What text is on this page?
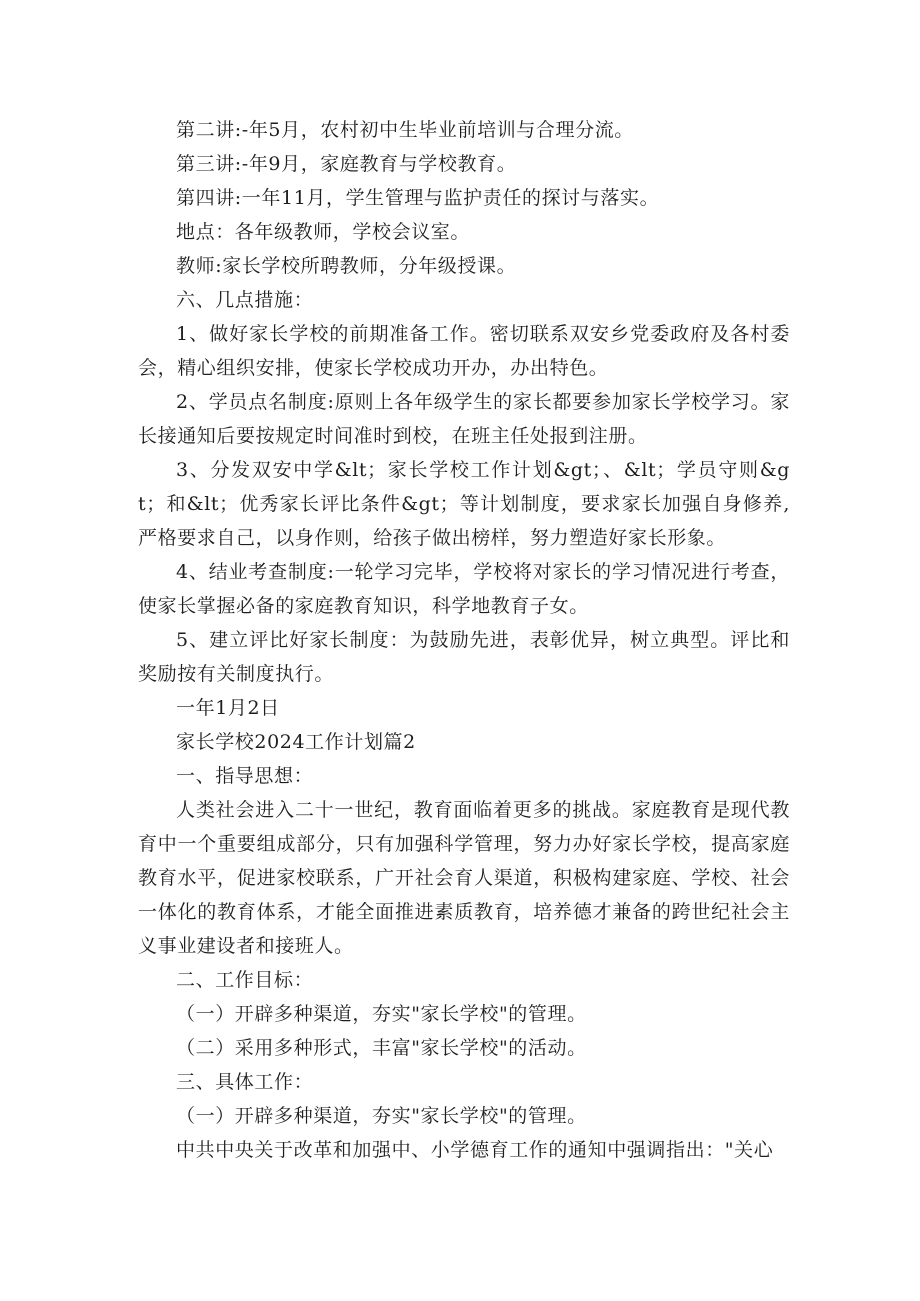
第二讲:-年5月，农村初中生毕业前培训与合理分流。

第三讲:-年9月，家庭教育与学校教育。

第四讲:一年11月，学生管理与监护责任的探讨与落实。

地点：各年级教师，学校会议室。

教师:家长学校所聘教师，分年级授课。

六、几点措施：

1、做好家长学校的前期准备工作。密切联系双安乡党委政府及各村委会，精心组织安排，使家长学校成功开办，办出特色。

2、学员点名制度:原则上各年级学生的家长都要参加家长学校学习。家长接通知后要按规定时间准时到校，在班主任处报到注册。

3、分发双安中学&lt；家长学校工作计划&gt；、&lt；学员守则&gt；和&lt；优秀家长评比条件&gt；等计划制度，要求家长加强自身修养,严格要求自己，以身作则，给孩子做出榜样，努力塑造好家长形象。

4、结业考查制度:一轮学习完毕，学校将对家长的学习情况进行考查，使家长掌握必备的家庭教育知识，科学地教育子女。

5、建立评比好家长制度：为鼓励先进，表彰优异，树立典型。评比和奖励按有关制度执行。

一年1月2日

家长学校2024工作计划篇2

一、指导思想：

人类社会进入二十一世纪，教育面临着更多的挑战。家庭教育是现代教育中一个重要组成部分，只有加强科学管理，努力办好家长学校，提高家庭教育水平，促进家校联系，广开社会育人渠道，积极构建家庭、学校、社会一体化的教育体系，才能全面推进素质教育，培养德才兼备的跨世纪社会主义事业建设者和接班人。

二、工作目标：

（一）开辟多种渠道，夯实"家长学校"的管理。

（二）采用多种形式，丰富"家长学校"的活动。

三、具体工作：

（一）开辟多种渠道，夯实"家长学校"的管理。

中共中央关于改革和加强中、小学德育工作的通知中强调指出："关心
